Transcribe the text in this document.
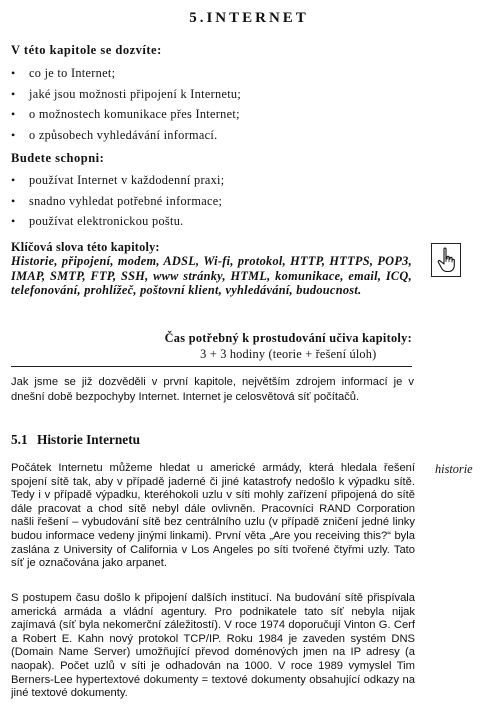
5.INTERNET
V této kapitole se dozvíte:
• co je to Internet;
• jaké jsou možnosti připojení k Internetu;
• o možnostech komunikace přes Internet;
• o způsobech vyhledávání informací.
Budete schopni:
• používat Internet v každodenní praxi;
• snadno vyhledat potřebné informace;
• používat elektronickou poštu.
Klíčová slova této kapitoly:
Historie, připojení, modem, ADSL, Wi-fi, protokol, HTTP, HTTPS, POP3, IMAP, SMTP, FTP, SSH, www stránky, HTML, komunikace, email, ICQ, telefonování, prohlížeč, poštovní klient, vyhledávání, budoucnost.
Čas potřebný k prostudování učiva kapitoly:
3 + 3 hodiny (teorie + řešení úloh)
Jak jsme se již dozvěděli v první kapitole, největším zdrojem informací je v dnešní době bezpochyby Internet. Internet je celosvětová síť počítačů.
5.1 Historie Internetu
historie
Počátek Internetu můžeme hledat u americké armády, která hledala řešení spojení sítě tak, aby v případě jaderné či jiné katastrofy nedošlo k výpadku sítě. Tedy i v případě výpadku, kteréhokoli uzlu v síti mohly zařízení připojená do sítě dále pracovat a chod sítě nebyl dále ovlivněn. Pracovníci RAND Corporation našli řešení – vybudování sítě bez centrálního uzlu (v případě zničení jedné linky budou informace vedeny jinými linkami). První věta „Are you receiving this?“ byla zaslána z University of California v Los Angeles po síti tvořené čtyřmi uzly. Tato síť je označována jako arpanet.
S postupem času došlo k připojení dalších institucí. Na budování sítě přispívala americká armáda a vládní agentury. Pro podnikatele tato síť nebyla nijak zajímavá (síť byla nekomerční záležitostí). V roce 1974 doporučují Vinton G. Cerf a Robert E. Kahn nový protokol TCP/IP. Roku 1984 je zaveden systém DNS (Domain Name Server) umožňující převod doménových jmen na IP adresy (a naopak). Počet uzlů v síti je odhadován na 1000. V roce 1989 vymyslel Tim Berners-Lee hypertextové dokumenty = textové dokumenty obsahující odkazy na jiné textové dokumenty.
